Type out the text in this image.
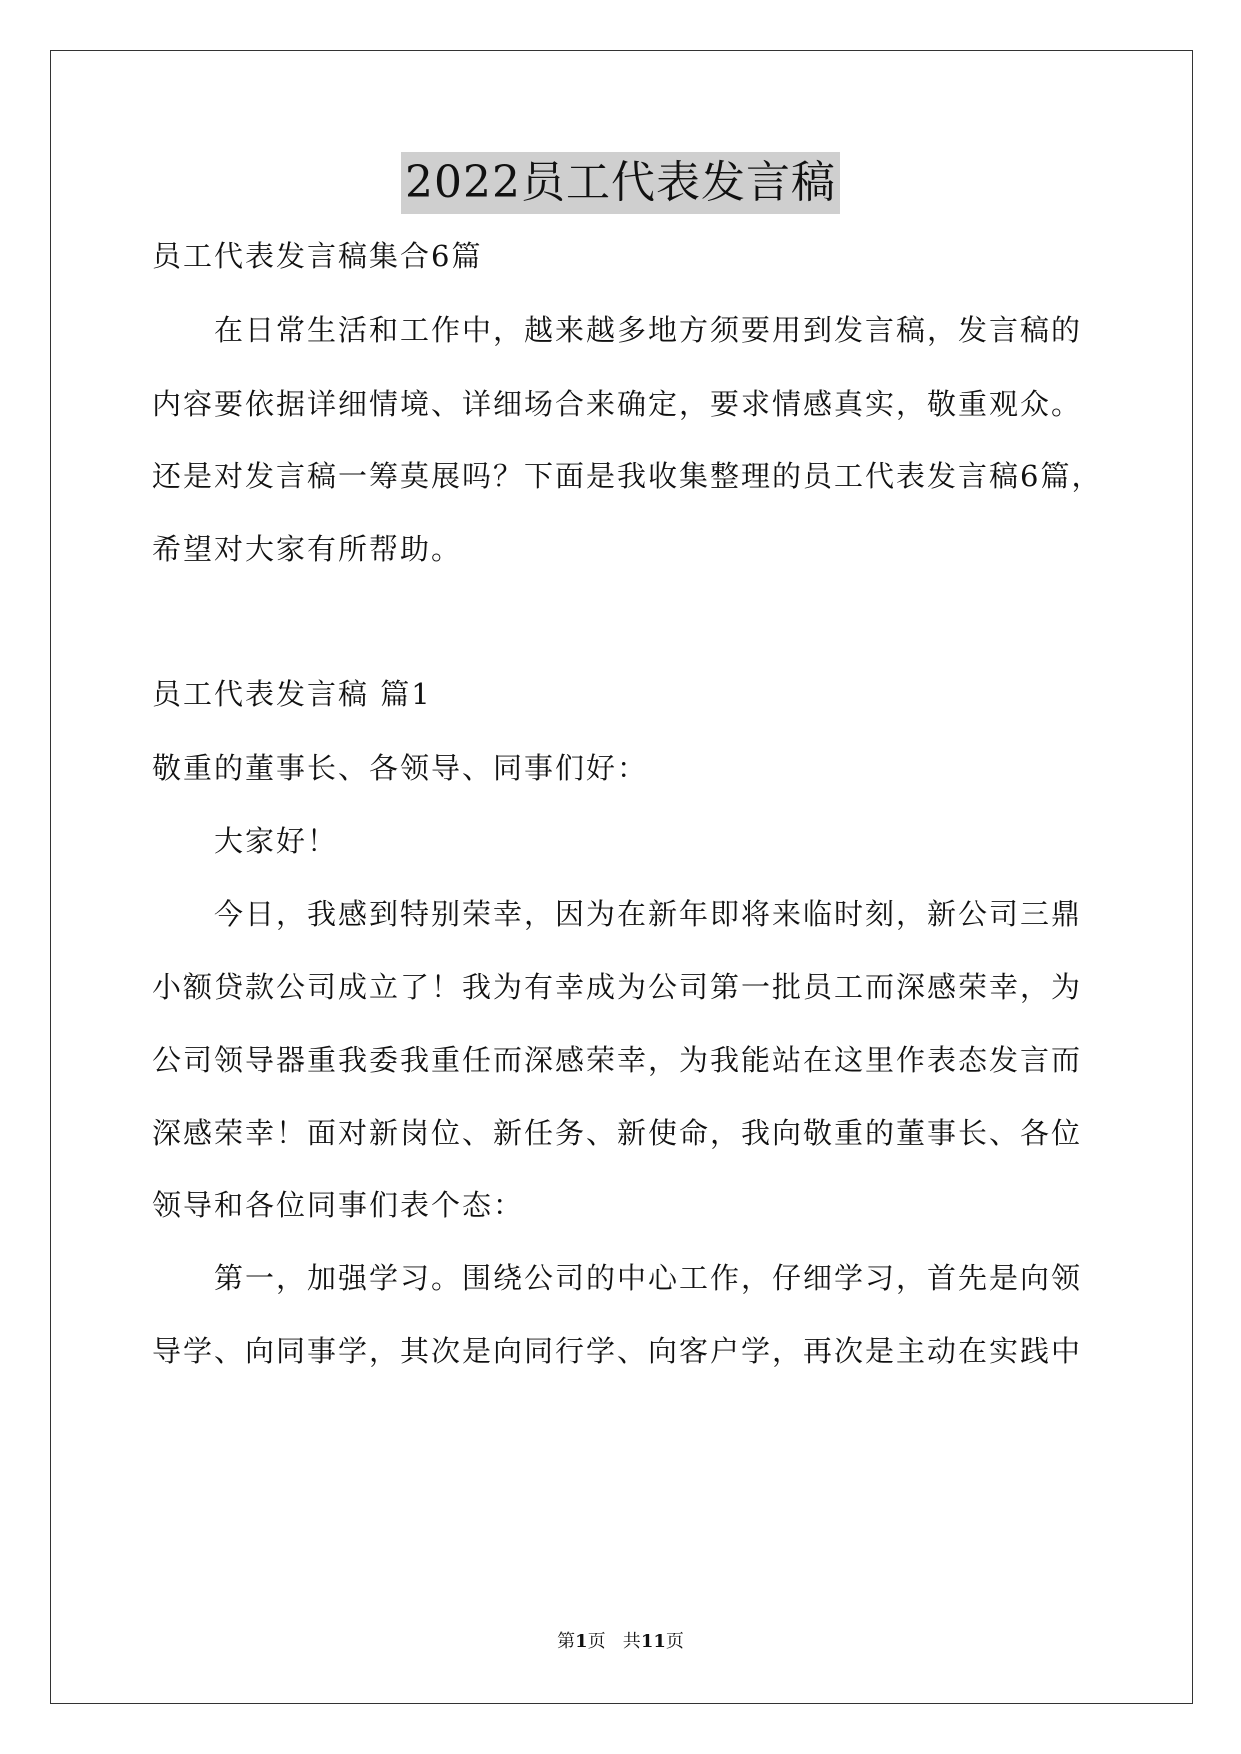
2022员工代表发言稿
员工代表发言稿集合6篇
在日常生活和工作中，越来越多地方须要用到发言稿，发言稿的
内容要依据详细情境、详细场合来确定，要求情感真实，敬重观众。
还是对发言稿一筹莫展吗？下面是我收集整理的员工代表发言稿6篇，
希望对大家有所帮助。
员工代表发言稿 篇1
敬重的董事长、各领导、同事们好：
大家好！
今日，我感到特别荣幸，因为在新年即将来临时刻，新公司三鼎
小额贷款公司成立了！我为有幸成为公司第一批员工而深感荣幸，为
公司领导器重我委我重任而深感荣幸，为我能站在这里作表态发言而
深感荣幸！面对新岗位、新任务、新使命，我向敬重的董事长、各位
领导和各位同事们表个态：
第一，加强学习。围绕公司的中心工作，仔细学习，首先是向领
导学、向同事学，其次是向同行学、向客户学，再次是主动在实践中
第1页   共11页
